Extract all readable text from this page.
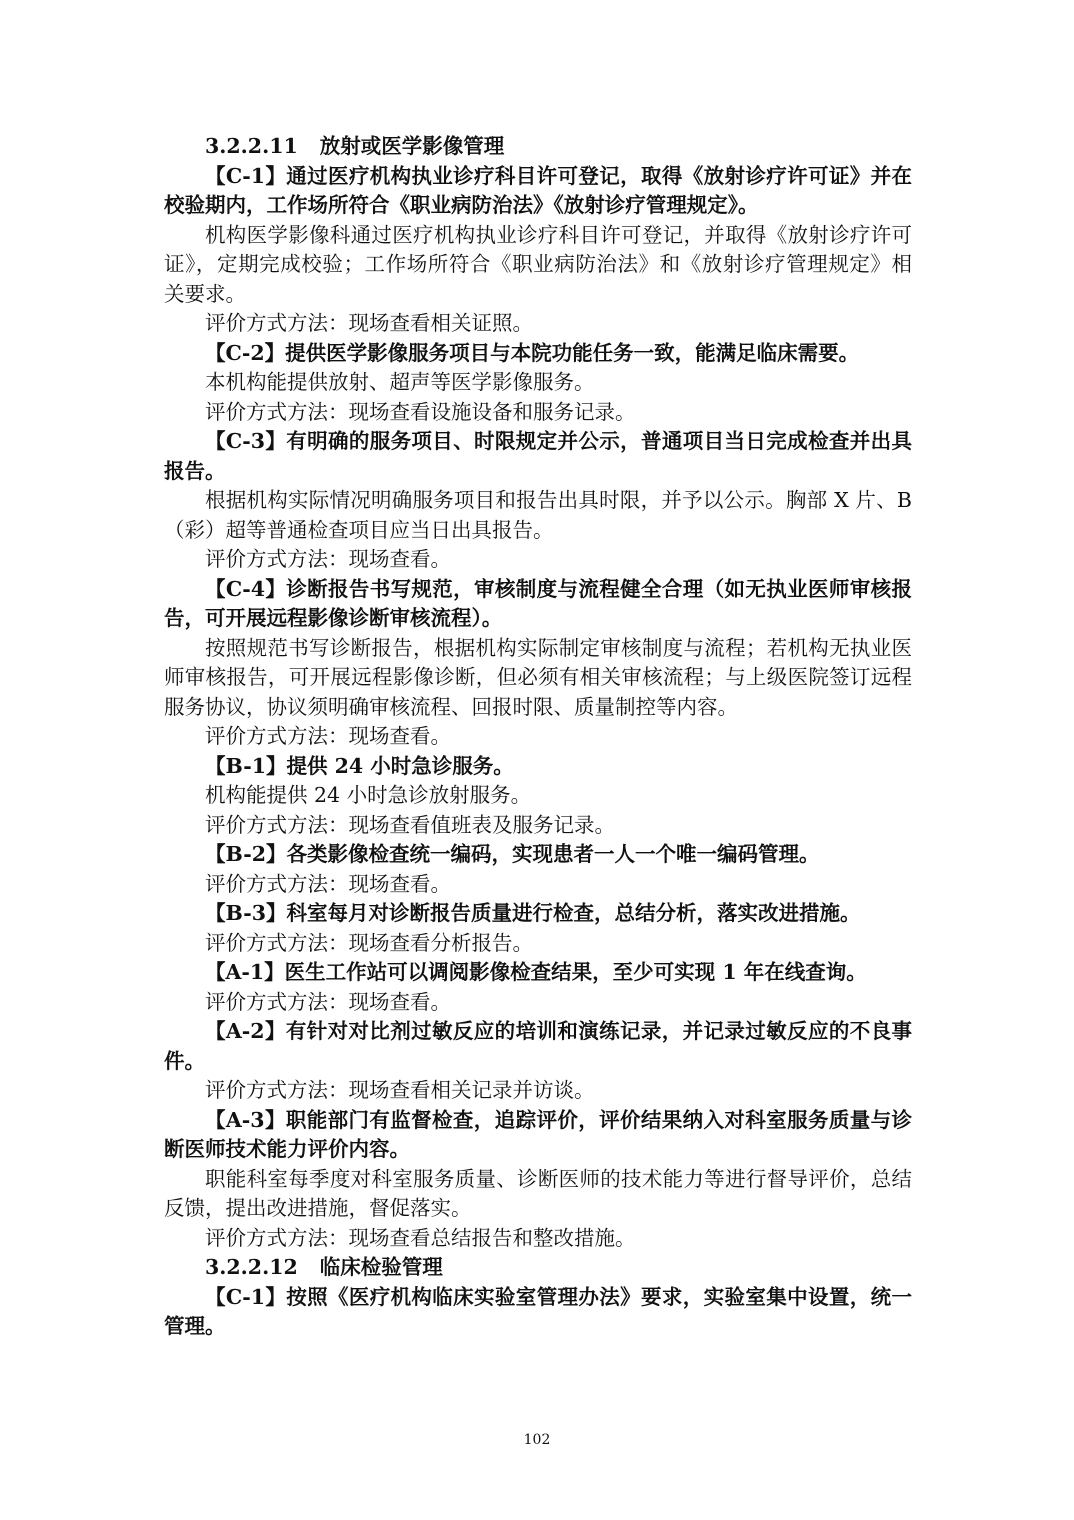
3.2.2.11 放射或医学影像管理

【C-1】通过医疗机构执业诊疗科目许可登记，取得《放射诊疗许可证》并在校验期内，工作场所符合《职业病防治法》《放射诊疗管理规定》。

机构医学影像科通过医疗机构执业诊疗科目许可登记，并取得《放射诊疗许可证》，定期完成校验；工作场所符合《职业病防治法》和《放射诊疗管理规定》相关要求。

评价方式方法：现场查看相关证照。

【C-2】提供医学影像服务项目与本院功能任务一致，能满足临床需要。

本机构能提供放射、超声等医学影像服务。

评价方式方法：现场查看设施设备和服务记录。

【C-3】有明确的服务项目、时限规定并公示，普通项目当日完成检查并出具报告。

根据机构实际情况明确服务项目和报告出具时限，并予以公示。胸部 X 片、B（彩）超等普通检查项目应当日出具报告。

评价方式方法：现场查看。

【C-4】诊断报告书写规范，审核制度与流程健全合理（如无执业医师审核报告，可开展远程影像诊断审核流程）。

按照规范书写诊断报告，根据机构实际制定审核制度与流程；若机构无执业医师审核报告，可开展远程影像诊断，但必须有相关审核流程；与上级医院签订远程服务协议，协议须明确审核流程、回报时限、质量制控等内容。

评价方式方法：现场查看。

【B-1】提供 24 小时急诊服务。

机构能提供 24 小时急诊放射服务。

评价方式方法：现场查看值班表及服务记录。

【B-2】各类影像检查统一编码，实现患者一人一个唯一编码管理。

评价方式方法：现场查看。

【B-3】科室每月对诊断报告质量进行检查，总结分析，落实改进措施。

评价方式方法：现场查看分析报告。

【A-1】医生工作站可以调阅影像检查结果，至少可实现 1 年在线查询。

评价方式方法：现场查看。

【A-2】有针对对比剂过敏反应的培训和演练记录，并记录过敏反应的不良事件。

评价方式方法：现场查看相关记录并访谈。

【A-3】职能部门有监督检查，追踪评价，评价结果纳入对科室服务质量与诊断医师技术能力评价内容。

职能科室每季度对科室服务质量、诊断医师的技术能力等进行督导评价，总结反馈，提出改进措施，督促落实。

评价方式方法：现场查看总结报告和整改措施。

3.2.2.12 临床检验管理

【C-1】按照《医疗机构临床实验室管理办法》要求，实验室集中设置，统一管理。

102
